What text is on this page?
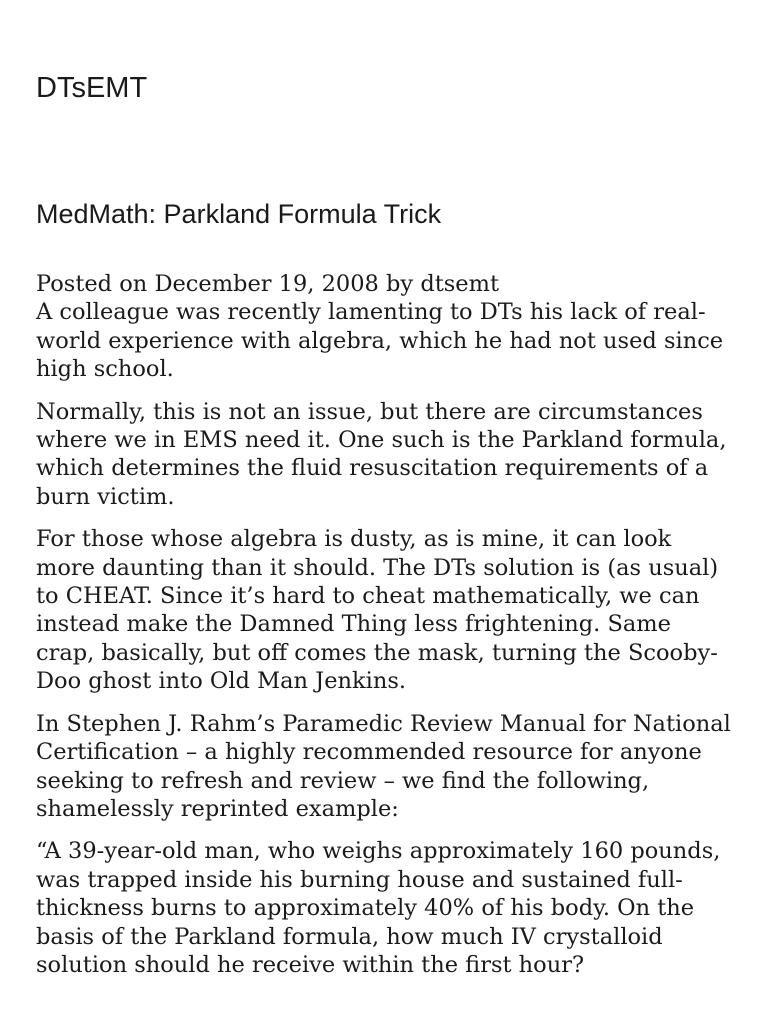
DTsEMT
MedMath: Parkland Formula Trick
Posted on December 19, 2008 by dtsemt

A colleague was recently lamenting to DTs his lack of real-world experience with algebra, which he had not used since high school.

Normally, this is not an issue, but there are circumstances where we in EMS need it. One such is the Parkland formula, which determines the fluid resuscitation requirements of a burn victim.

For those whose algebra is dusty, as is mine, it can look more daunting than it should. The DTs solution is (as usual) to CHEAT. Since it’s hard to cheat mathematically, we can instead make the Damned Thing less frightening. Same crap, basically, but off comes the mask, turning the Scooby-Doo ghost into Old Man Jenkins.

In Stephen J. Rahm’s Paramedic Review Manual for National Certification – a highly recommended resource for anyone seeking to refresh and review – we find the following, shamelessly reprinted example:

“A 39-year-old man, who weighs approximately 160 pounds, was trapped inside his burning house and sustained full-thickness burns to approximately 40% of his body. On the basis of the Parkland formula, how much IV crystalloid solution should he receive within the first hour?
